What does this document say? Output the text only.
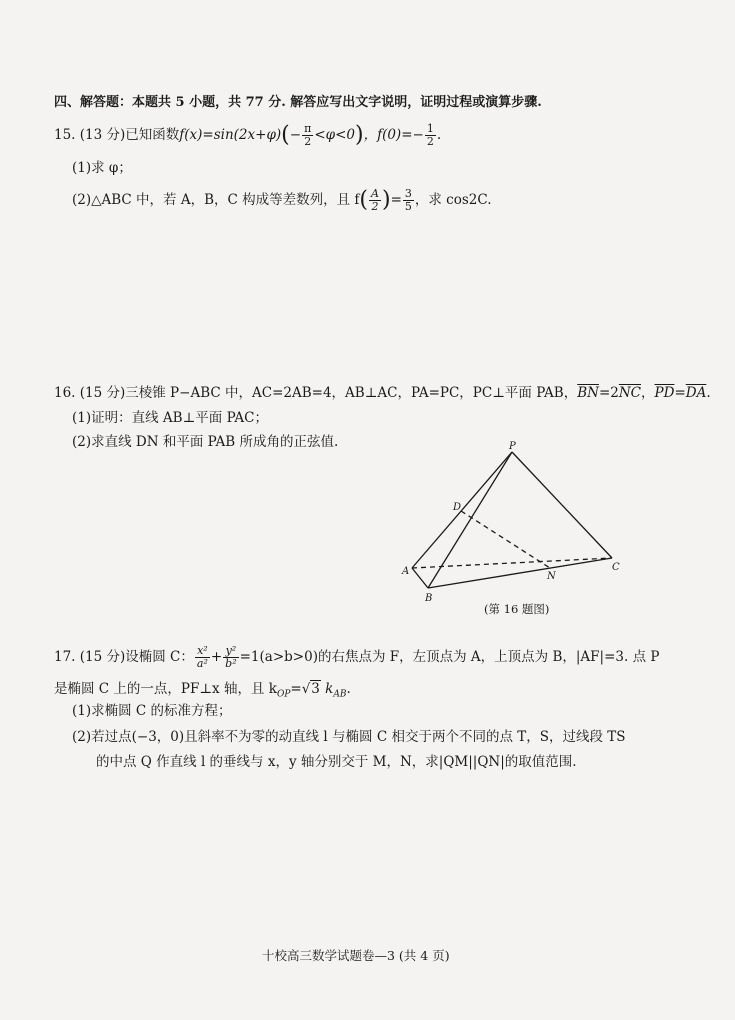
四、解答题：本题共 5 小题，共 77 分. 解答应写出文字说明，证明过程或演算步骤.
15. (13 分)已知函数$f(x)=\sin(2x+\varphi)(- \frac{\pi}{2} <\varphi<0)$，$f(0)=- \frac{1}{2}$ .
(1)求 φ；
(2)△ABC 中，若 A，B，C 构成等差数列，且 $f( \frac{A}{2}$ )= $\frac{3}{5}$ ，求 cos2C.
16. (15 分)三棱锥 P−ABC 中，AC=2AB=4，AB⊥AC，PA=PC，PC⊥平面 PAB，$\overline{BN}=2\overline{NC}$，$\overline{PD}=\overline{DA}$.
(1)证明：直线 AB⊥平面 PAC；
(2)求直线 DN 和平面 PAB 所成角的正弦值.	P
D
A
B
N
C
(第 16 题图)
17. (15 分)设椭圆 C： $\frac{\text{x²}}{\text{a²}} + \frac{\text{y²}}{\text{b²}} =1(a>b>0)$的右焦点为 F，左顶点为 A，上顶点为 B，|AF|=3. 点 P
是椭圆 C 上的一点，PF⊥x 轴，且 $k_{OP}=√3$ $k_{AB}$.
(1)求椭圆 C 的标准方程；
(2)若过点(−3，0)且斜率不为零的动直线 l 与椭圆 C 相交于两个不同的点 T，S，过线段 TS
的中点 Q 作直线 l 的垂线与 x，y 轴分别交于 M，N，求|QM||QN|的取值范围.
十校高三数学试题卷—3 (共 4 页)
